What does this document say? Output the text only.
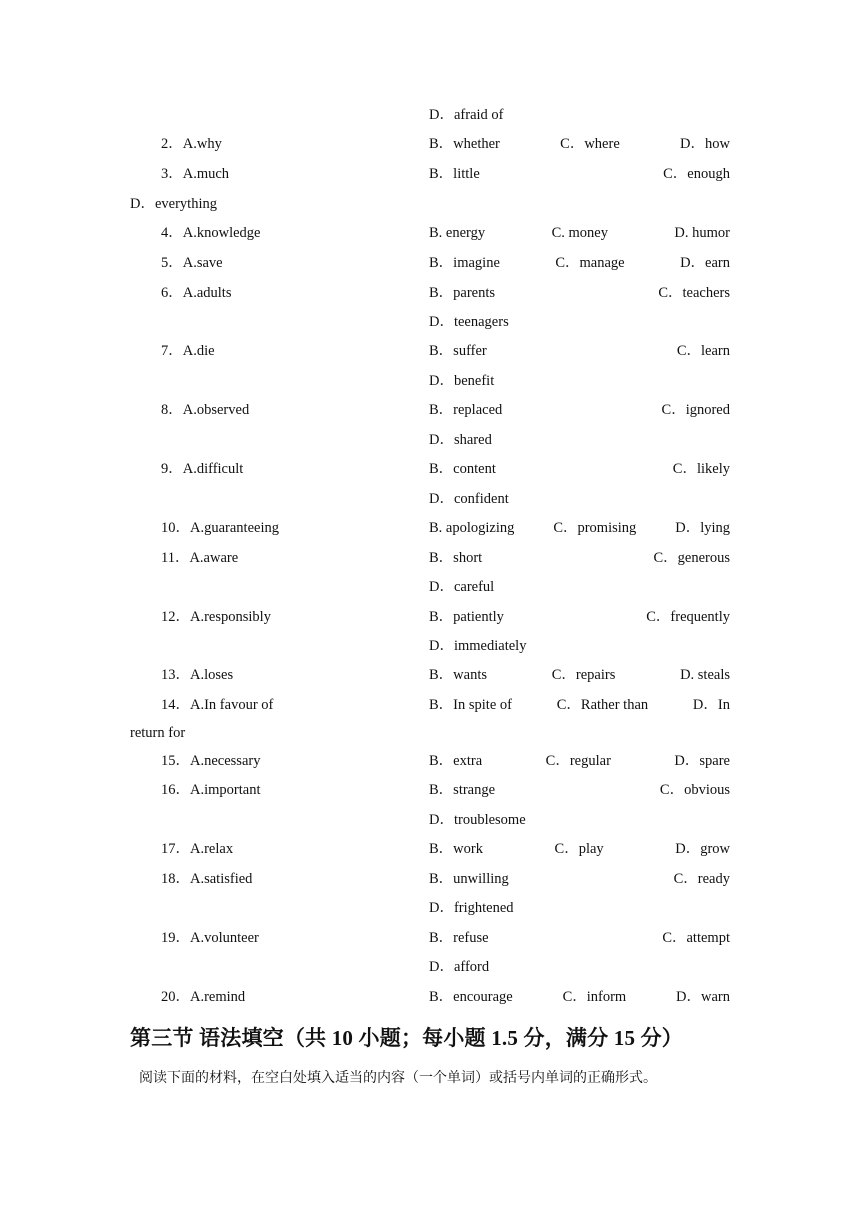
D．afraid of
2．A.why	B．whether	C．where	D．how
3．A.much	B．little	C．enough
D．everything
4．A.knowledge	B. energy	C. money	D. humor
5．A.save	B．imagine	C．manage	D．earn
6．A.adults	B．parents	C．teachers
D．teenagers
7．A.die	B．suffer	C．learn
D．benefit
8．A.observed	B．replaced	C．ignored
D．shared
9．A.difficult	B．content	C．likely
D．confident
10．A.guaranteeing	B. apologizing	C．promising	D．lying
11．A.aware	B．short	C．generous
D．careful
12．A.responsibly	B．patiently	C．frequently
D．immediately
13．A.loses	B．wants	C．repairs	D. steals
14．A.In favour of	B．In spite of	C．Rather than	D．In
return for
15．A.necessary	B．extra	C．regular	D．spare
16．A.important	B．strange	C．obvious
D．troublesome
17．A.relax	B．work	C．play	D．grow
18．A.satisfied	B．unwilling	C．ready
D．frightened
19．A.volunteer	B．refuse	C．attempt
D．afford
20．A.remind	B．encourage	C．inform	D．warn
第三节 语法填空（共 10 小题；每小题 1.5 分，满分 15 分）
阅读下面的材料，在空白处填入适当的内容（一个单词）或括号内单词的正确形式。
